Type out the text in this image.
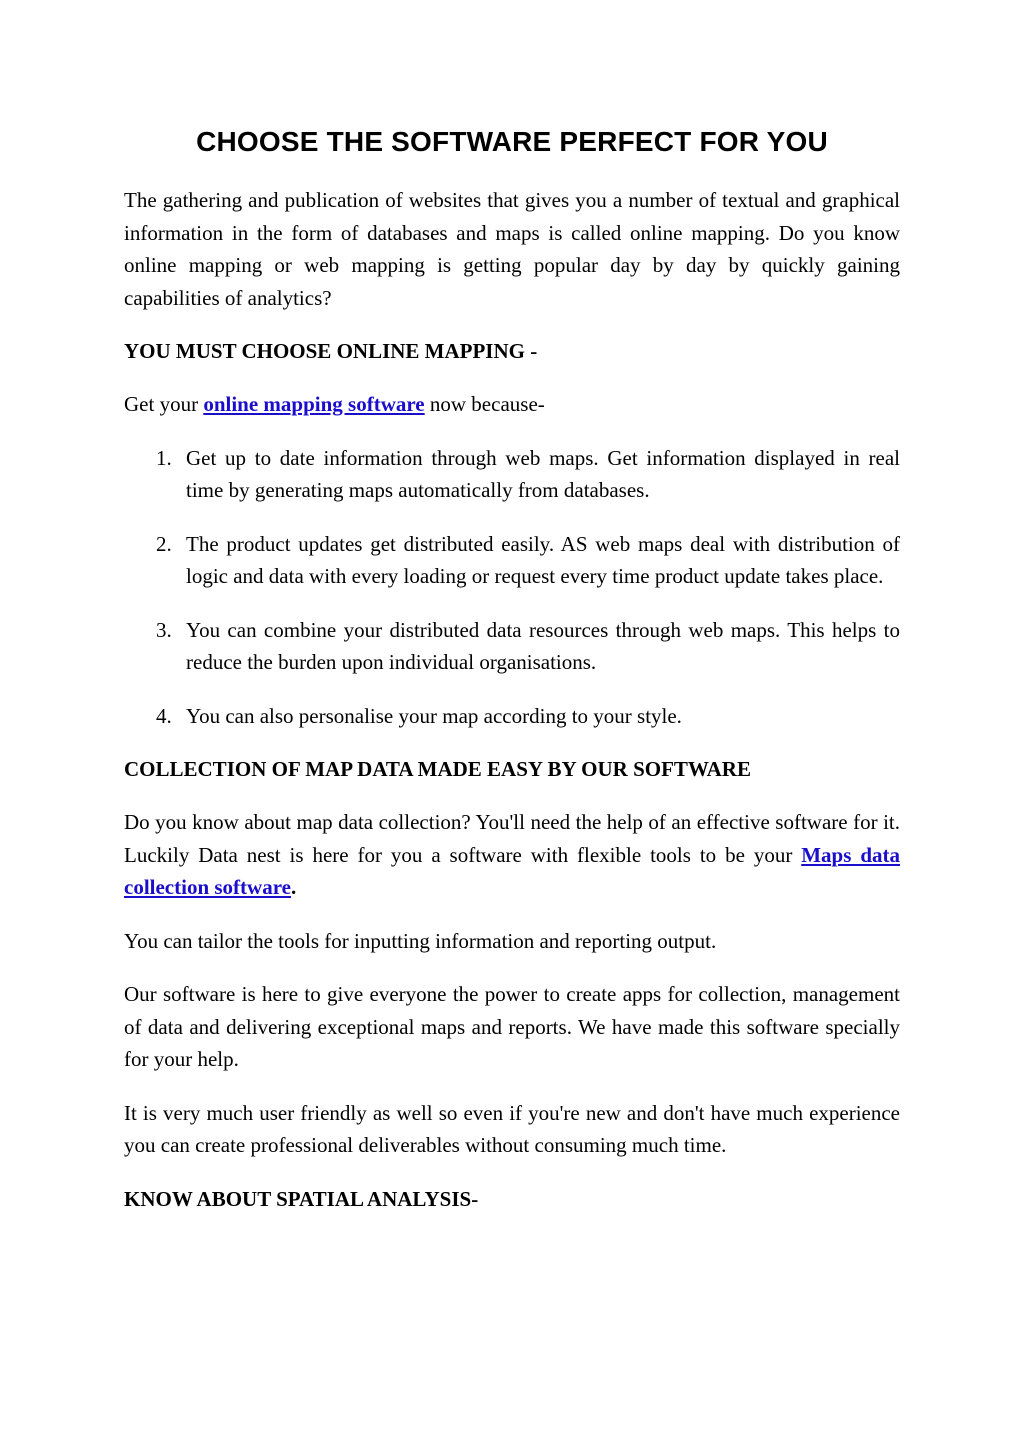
CHOOSE THE SOFTWARE PERFECT FOR YOU

The gathering and publication of websites that gives you a number of textual and graphical information in the form of databases and maps is called online mapping. Do you know online mapping or web mapping is getting popular day by day by quickly gaining capabilities of analytics?

YOU MUST CHOOSE ONLINE MAPPING -

Get your online mapping software now because-

1. Get up to date information through web maps. Get information displayed in real time by generating maps automatically from databases.
2. The product updates get distributed easily. AS web maps deal with distribution of logic and data with every loading or request every time product update takes place.
3. You can combine your distributed data resources through web maps. This helps to reduce the burden upon individual organisations.
4. You can also personalise your map according to your style.
COLLECTION OF MAP DATA MADE EASY BY OUR SOFTWARE

Do you know about map data collection? You'll need the help of an effective software for it. Luckily Data nest is here for you a software with flexible tools to be your Maps data collection software.

You can tailor the tools for inputting information and reporting output.

Our software is here to give everyone the power to create apps for collection, management of data and delivering exceptional maps and reports. We have made this software specially for your help.

It is very much user friendly as well so even if you're new and don't have much experience you can create professional deliverables without consuming much time.

KNOW ABOUT SPATIAL ANALYSIS-
